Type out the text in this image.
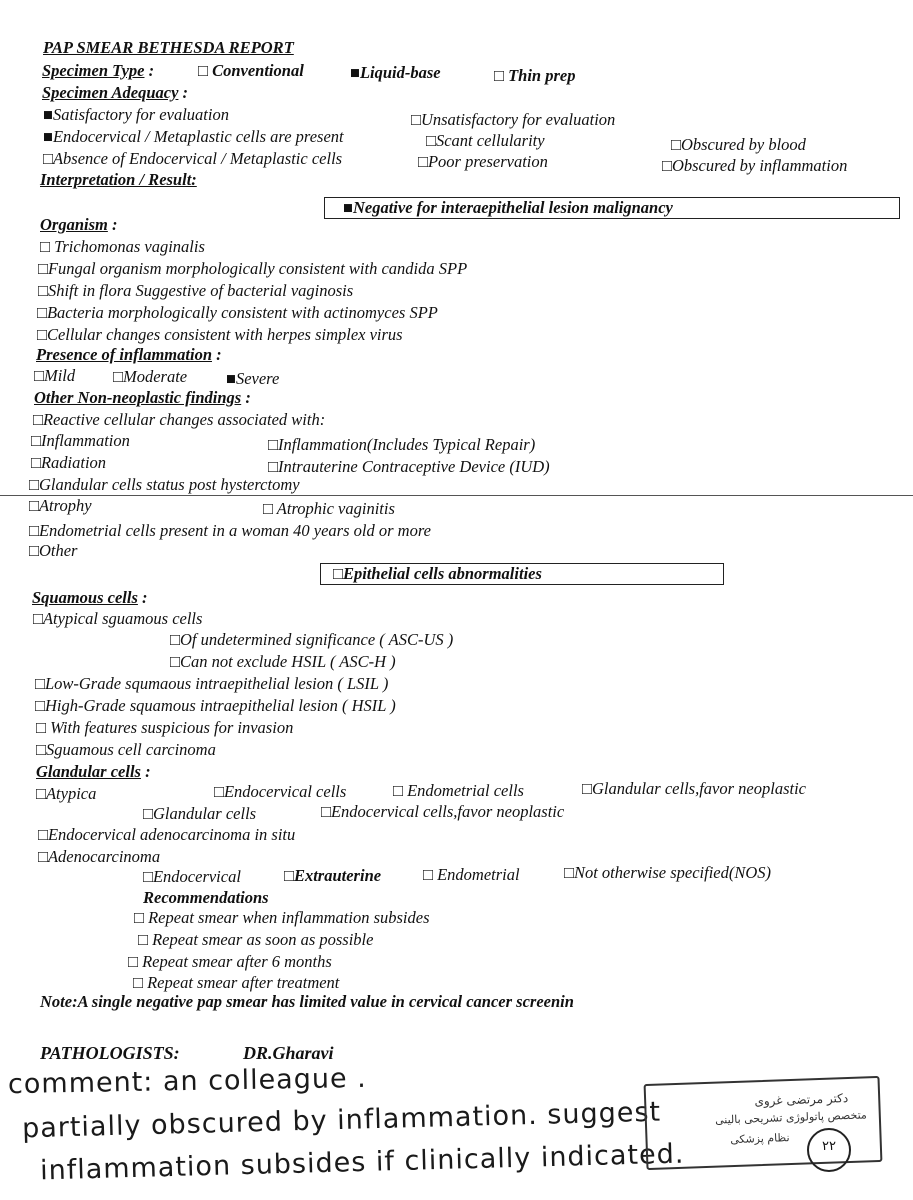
PAP SMEAR BETHESDA REPORT
Specimen Type :	□ Conventional	■Liquid-base	□ Thin prep
Specimen Adequacy :
■Satisfactory for evaluation
■Endocervical / Metaplastic cells are present
□Absence of Endocervical / Metaplastic cells
□Unsatisfactory for evaluation
□Scant cellularity
□Poor preservation
□Obscured by blood
□Obscured by inflammation
Interpretation / Result:
■Negative for interaepithelial lesion malignancy
Organism :
□ Trichomonas vaginalis
□Fungal organism morphologically consistent with candida SPP
□Shift in flora Suggestive of bacterial vaginosis
□Bacteria morphologically consistent with actinomyces SPP
□Cellular changes consistent with herpes simplex virus
Presence of inflammation :
□Mild □Moderate ■Severe
Other Non-neoplastic findings :
□Reactive cellular changes associated with:
□Inflammation	□Inflammation(Includes Typical Repair)
□Radiation	□Intrauterine Contraceptive Device (IUD)
□Glandular cells status post hysterctomy
□Atrophy	□ Atrophic vaginitis
□Endometrial cells present in a woman 40 years old or more
□Other
□Epithelial cells abnormalities
Squamous cells :
□Atypical sguamous cells
□Of undetermined significance ( ASC-US )
□Can not exclude HSIL ( ASC-H )
□Low-Grade squmaous intraepithelial lesion ( LSIL )
□High-Grade squamous intraepithelial lesion ( HSIL )
□ With features suspicious for invasion
□Sguamous cell carcinoma
Glandular cells :
□Atypica	□Endocervical cells	□ Endometrial cells	□Glandular cells,favor neoplastic
□Glandular cells	□Endocervical cells,favor neoplastic
□Endocervical adenocarcinoma in situ
□Adenocarcinoma
□Endocervical	□Extrauterine	□ Endometrial	□Not otherwise specified(NOS)
Recommendations
□ Repeat smear when inflammation subsides
□ Repeat smear as soon as possible
□ Repeat smear after 6 months
□ Repeat smear after treatment
Note:A single negative pap smear has limited value in cervical cancer screenin
PATHOLOGISTS:	DR.Gharavi
comment: an colleague .
partially obscured by inflammation. suggest
inflammation subsides if clinically indicated.
دکتر مرتضی غروی
متخصص پاتولوژی تشریحی بالینی
نظام پزشکی
۲۲
